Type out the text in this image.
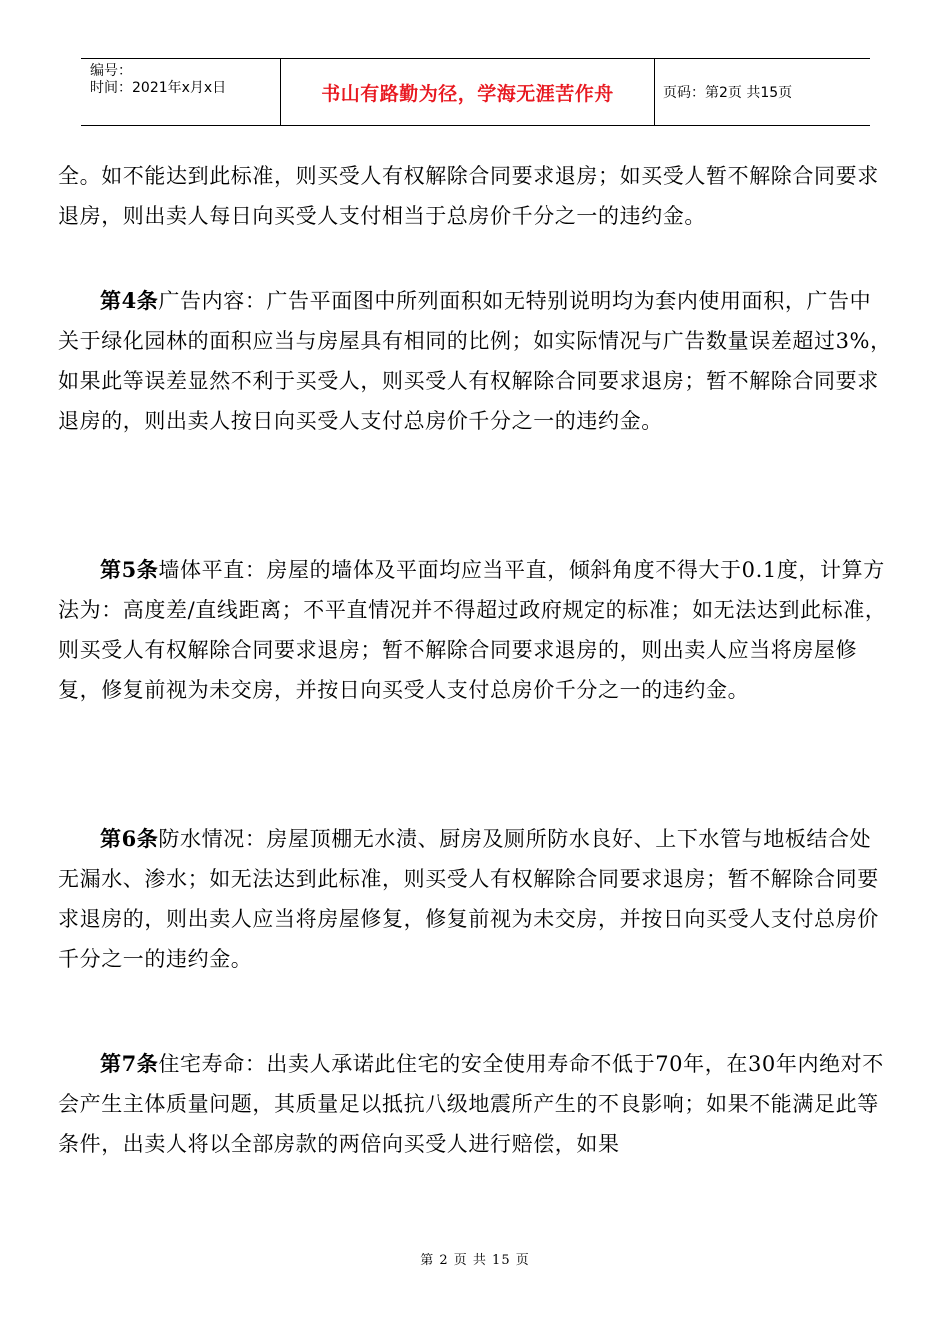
编号：
时间：2021年x月x日	书山有路勤为径，学海无涯苦作舟	页码：第2页 共15页

全。如不能达到此标准，则买受人有权解除合同要求退房；如买受人暂不解除合同要求退房，则出卖人每日向买受人支付相当于总房价千分之一的违约金。

第4条广告内容：广告平面图中所列面积如无特别说明均为套内使用面积，广告中关于绿化园林的面积应当与房屋具有相同的比例；如实际情况与广告数量误差超过3%，如果此等误差显然不利于买受人，则买受人有权解除合同要求退房；暂不解除合同要求退房的，则出卖人按日向买受人支付总房价千分之一的违约金。

第5条墙体平直：房屋的墙体及平面均应当平直，倾斜角度不得大于0.1度，计算方法为：高度差/直线距离；不平直情况并不得超过政府规定的标准；如无法达到此标准，则买受人有权解除合同要求退房；暂不解除合同要求退房的，则出卖人应当将房屋修复，修复前视为未交房，并按日向买受人支付总房价千分之一的违约金。

第6条防水情况：房屋顶棚无水渍、厨房及厕所防水良好、上下水管与地板结合处无漏水、渗水；如无法达到此标准，则买受人有权解除合同要求退房；暂不解除合同要求退房的，则出卖人应当将房屋修复，修复前视为未交房，并按日向买受人支付总房价千分之一的违约金。

第7条住宅寿命：出卖人承诺此住宅的安全使用寿命不低于70年，在30年内绝对不会产生主体质量问题，其质量足以抵抗八级地震所产生的不良影响；如果不能满足此等条件，出卖人将以全部房款的两倍向买受人进行赔偿，如果

第 2 页 共 15 页
